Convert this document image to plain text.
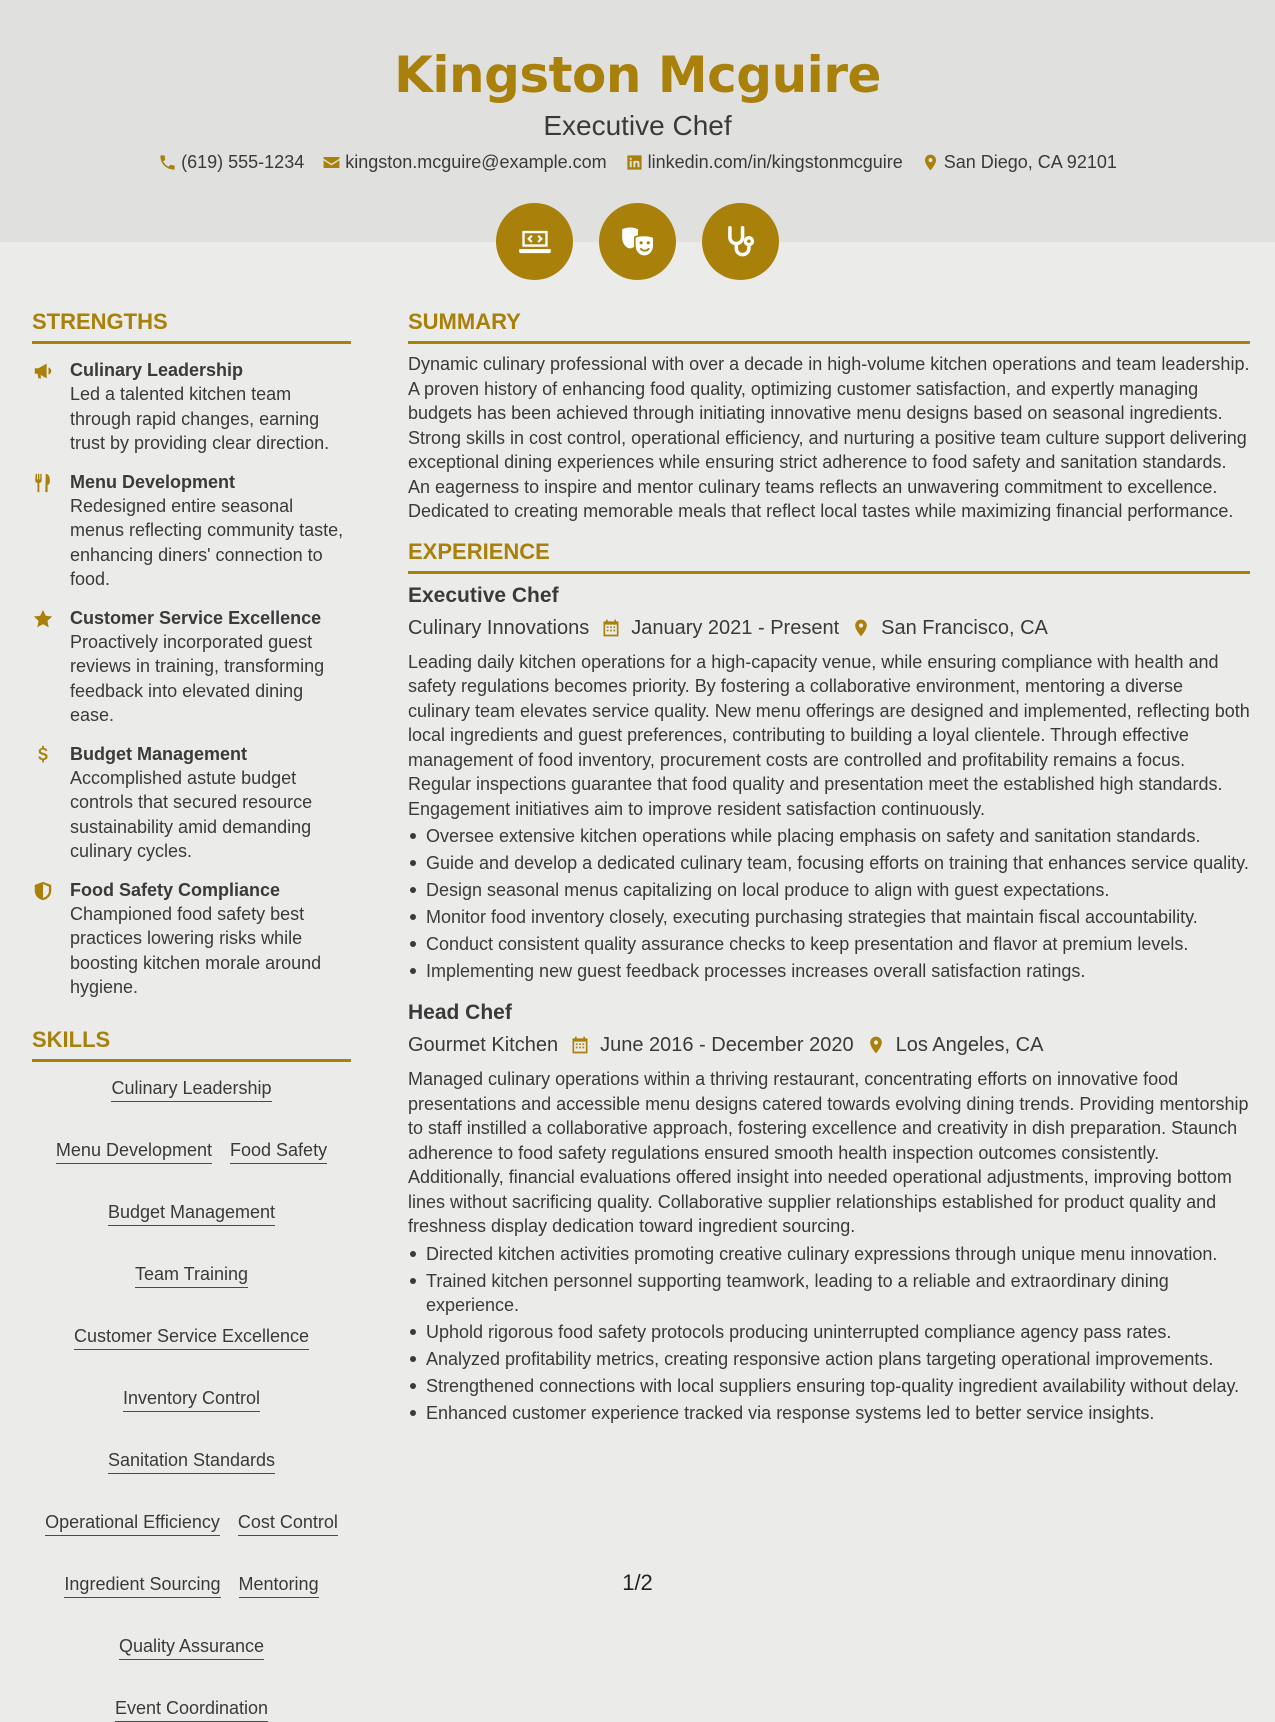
Kingston Mcguire
Executive Chef
(619) 555-1234 kingston.mcguire@example.com linkedin.com/in/kingstonmcguire San Diego, CA 92101
STRENGTHS
Culinary Leadership
Led a talented kitchen team through rapid changes, earning trust by providing clear direction.
Menu Development
Redesigned entire seasonal menus reflecting community taste, enhancing diners' connection to food.
Customer Service Excellence
Proactively incorporated guest reviews in training, transforming feedback into elevated dining ease.
Budget Management
Accomplished astute budget controls that secured resource sustainability amid demanding culinary cycles.
Food Safety Compliance
Championed food safety best practices lowering risks while boosting kitchen morale around hygiene.
SKILLS
Culinary Leadership
Menu Development Food Safety
Budget Management
Team Training
Customer Service Excellence
Inventory Control
Sanitation Standards
Operational Efficiency Cost Control
Ingredient Sourcing Mentoring
Quality Assurance
Event Coordination
SUMMARY
Dynamic culinary professional with over a decade in high-volume kitchen operations and team leadership. A proven history of enhancing food quality, optimizing customer satisfaction, and expertly managing budgets has been achieved through initiating innovative menu designs based on seasonal ingredients. Strong skills in cost control, operational efficiency, and nurturing a positive team culture support delivering exceptional dining experiences while ensuring strict adherence to food safety and sanitation standards. An eagerness to inspire and mentor culinary teams reflects an unwavering commitment to excellence. Dedicated to creating memorable meals that reflect local tastes while maximizing financial performance.
EXPERIENCE
Executive Chef
Culinary Innovations January 2021 - Present San Francisco, CA
Leading daily kitchen operations for a high-capacity venue, while ensuring compliance with health and safety regulations becomes priority. By fostering a collaborative environment, mentoring a diverse culinary team elevates service quality. New menu offerings are designed and implemented, reflecting both local ingredients and guest preferences, contributing to building a loyal clientele. Through effective management of food inventory, procurement costs are controlled and profitability remains a focus. Regular inspections guarantee that food quality and presentation meet the established high standards. Engagement initiatives aim to improve resident satisfaction continuously.
Oversee extensive kitchen operations while placing emphasis on safety and sanitation standards.
Guide and develop a dedicated culinary team, focusing efforts on training that enhances service quality.
Design seasonal menus capitalizing on local produce to align with guest expectations.
Monitor food inventory closely, executing purchasing strategies that maintain fiscal accountability.
Conduct consistent quality assurance checks to keep presentation and flavor at premium levels.
Implementing new guest feedback processes increases overall satisfaction ratings.
Head Chef
Gourmet Kitchen June 2016 - December 2020 Los Angeles, CA
Managed culinary operations within a thriving restaurant, concentrating efforts on innovative food presentations and accessible menu designs catered towards evolving dining trends. Providing mentorship to staff instilled a collaborative approach, fostering excellence and creativity in dish preparation. Staunch adherence to food safety regulations ensured smooth health inspection outcomes consistently. Additionally, financial evaluations offered insight into needed operational adjustments, improving bottom lines without sacrificing quality. Collaborative supplier relationships established for product quality and freshness display dedication toward ingredient sourcing.
Directed kitchen activities promoting creative culinary expressions through unique menu innovation.
Trained kitchen personnel supporting teamwork, leading to a reliable and extraordinary dining experience.
Uphold rigorous food safety protocols producing uninterrupted compliance agency pass rates.
Analyzed profitability metrics, creating responsive action plans targeting operational improvements.
Strengthened connections with local suppliers ensuring top-quality ingredient availability without delay.
Enhanced customer experience tracked via response systems led to better service insights.
1/2
